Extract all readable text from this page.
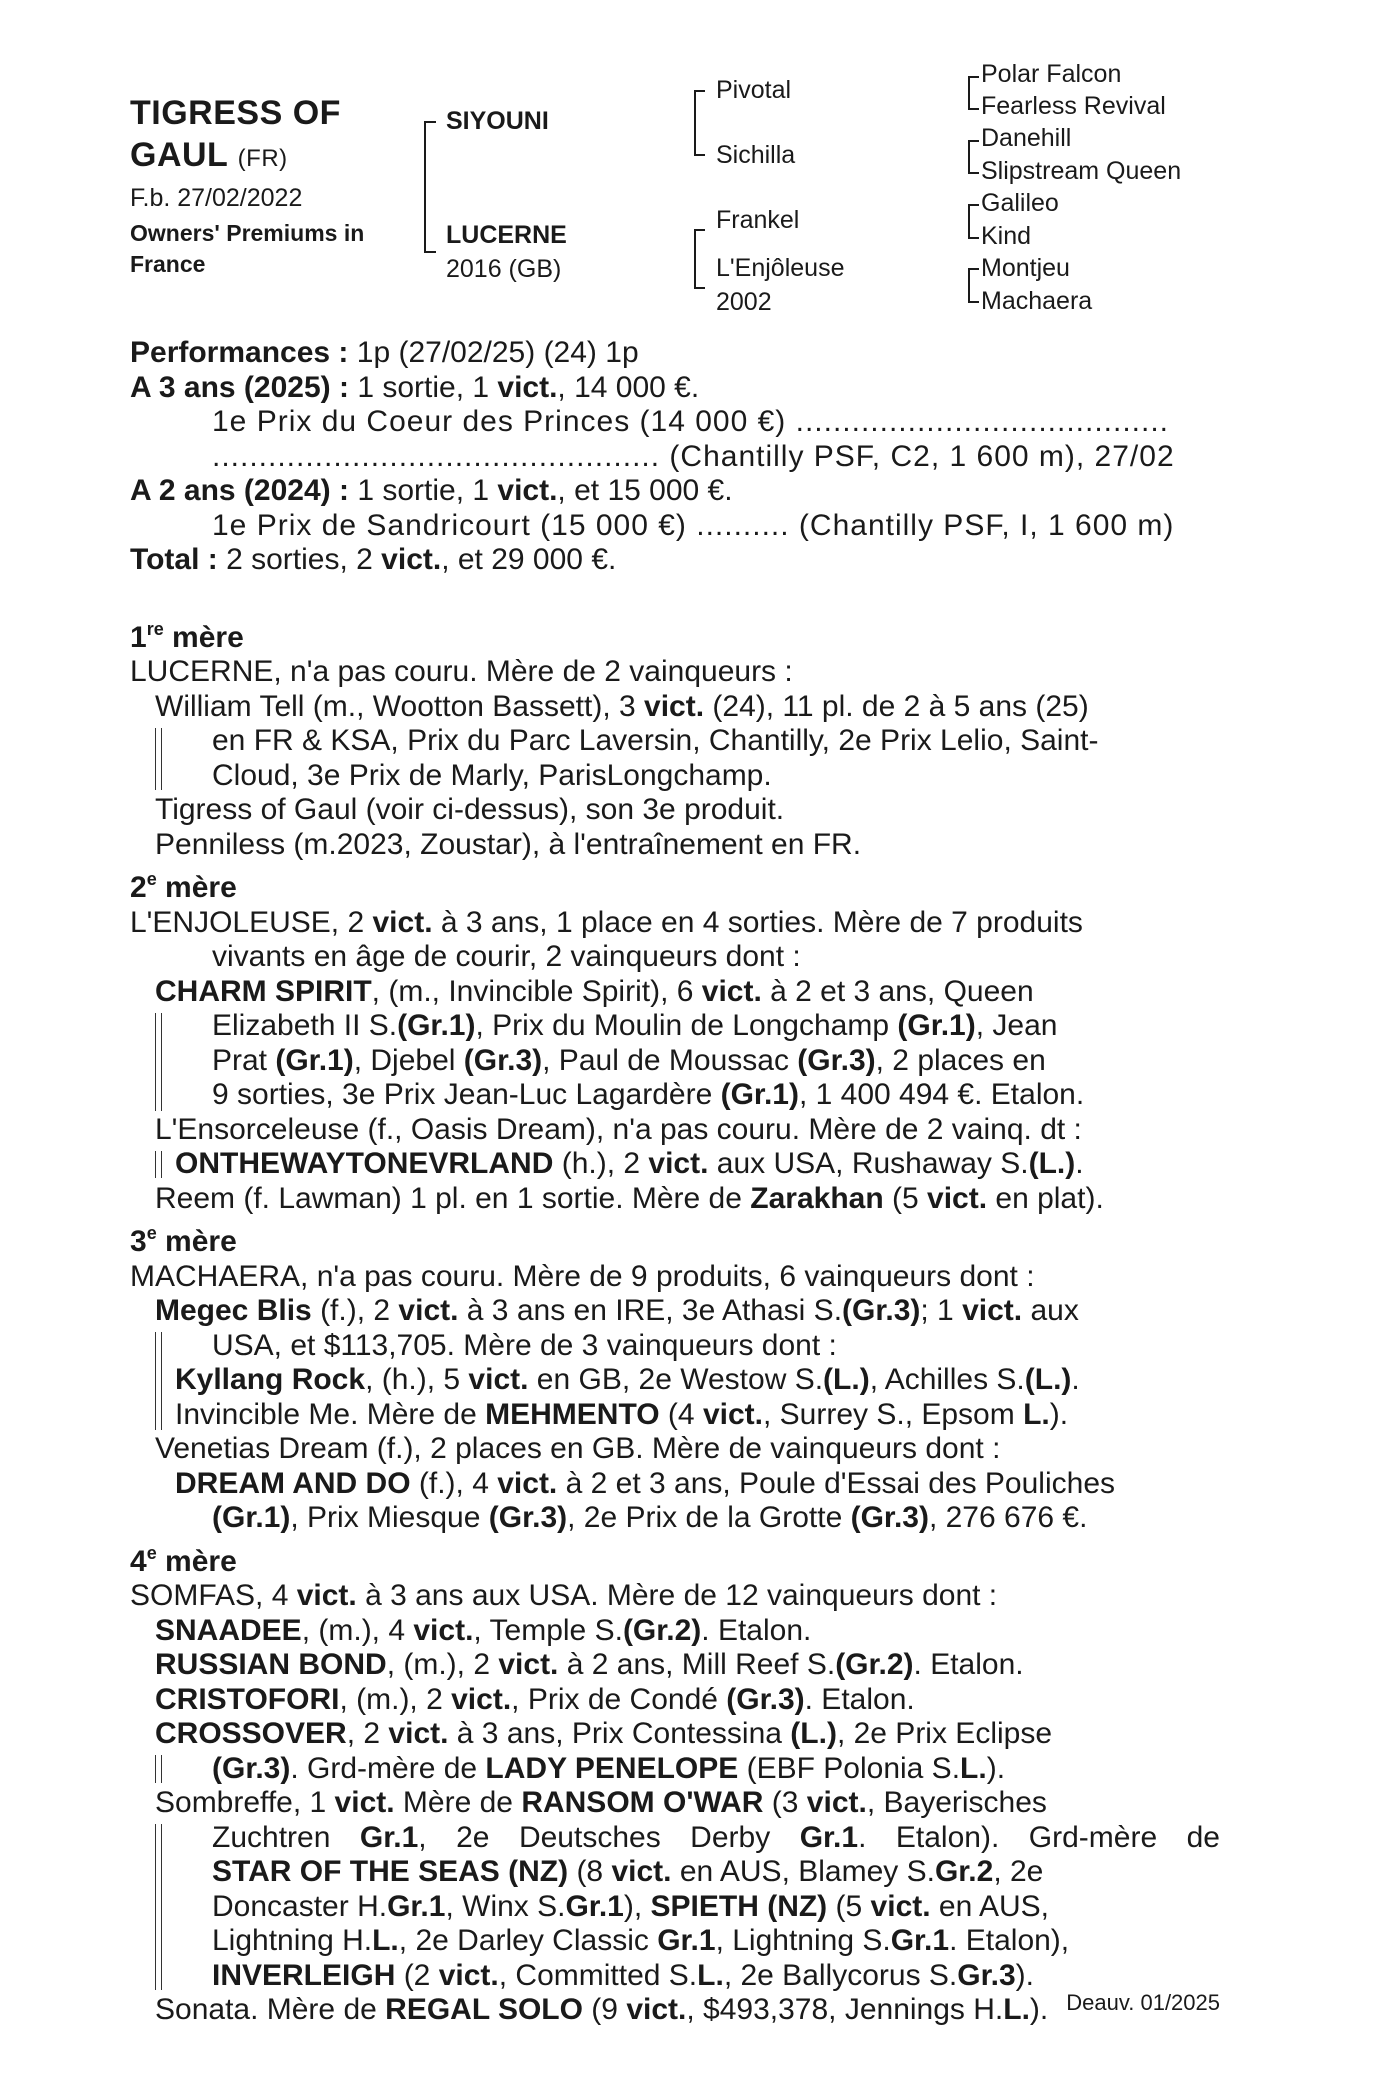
TIGRESS OF
GAUL (FR)
F.b. 27/02/2022
Owners' Premiums in
France
SIYOUNI
LUCERNE
2016 (GB)
Pivotal
Sichilla
Frankel
L'Enjôleuse
2002
Polar Falcon
Fearless Revival
Danehill
Slipstream Queen
Galileo
Kind
Montjeu
Machaera
Performances : 1p (27/02/25) (24) 1p
A 3 ans (2025) : 1 sortie, 1 vict., 14 000 €.
1e Prix du Coeur des Princes (14 000 €) ........................................
................................................ (Chantilly PSF, C2, 1 600 m), 27/02
A 2 ans (2024) : 1 sortie, 1 vict., et 15 000 €.
1e Prix de Sandricourt (15 000 €) .......... (Chantilly PSF, I, 1 600 m)
Total : 2 sorties, 2 vict., et 29 000 €.
1re mère
LUCERNE, n'a pas couru. Mère de 2 vainqueurs :
William Tell (m., Wootton Bassett), 3 vict. (24), 11 pl. de 2 à 5 ans (25)
en FR & KSA, Prix du Parc Laversin, Chantilly, 2e Prix Lelio, Saint-
Cloud, 3e Prix de Marly, ParisLongchamp.
Tigress of Gaul (voir ci-dessus), son 3e produit.
Penniless (m.2023, Zoustar), à l'entraînement en FR.
2e mère
L'ENJOLEUSE, 2 vict. à 3 ans, 1 place en 4 sorties. Mère de 7 produits
vivants en âge de courir, 2 vainqueurs dont :
CHARM SPIRIT, (m., Invincible Spirit), 6 vict. à 2 et 3 ans, Queen
Elizabeth II S.(Gr.1), Prix du Moulin de Longchamp (Gr.1), Jean
Prat (Gr.1), Djebel (Gr.3), Paul de Moussac (Gr.3), 2 places en
9 sorties, 3e Prix Jean-Luc Lagardère (Gr.1), 1 400 494 €. Etalon.
L'Ensorceleuse (f., Oasis Dream), n'a pas couru. Mère de 2 vainq. dt :
ONTHEWAYTONEVRLAND (h.), 2 vict. aux USA, Rushaway S.(L.).
Reem (f. Lawman) 1 pl. en 1 sortie. Mère de Zarakhan (5 vict. en plat).
3e mère
MACHAERA, n'a pas couru. Mère de 9 produits, 6 vainqueurs dont :
Megec Blis (f.), 2 vict. à 3 ans en IRE, 3e Athasi S.(Gr.3); 1 vict. aux
USA, et $113,705. Mère de 3 vainqueurs dont :
Kyllang Rock, (h.), 5 vict. en GB, 2e Westow S.(L.), Achilles S.(L.).
Invincible Me. Mère de MEHMENTO (4 vict., Surrey S., Epsom L.).
Venetias Dream (f.), 2 places en GB. Mère de vainqueurs dont :
DREAM AND DO (f.), 4 vict. à 2 et 3 ans, Poule d'Essai des Pouliches
(Gr.1), Prix Miesque (Gr.3), 2e Prix de la Grotte (Gr.3), 276 676 €.
4e mère
SOMFAS, 4 vict. à 3 ans aux USA. Mère de 12 vainqueurs dont :
SNAADEE, (m.), 4 vict., Temple S.(Gr.2). Etalon.
RUSSIAN BOND, (m.), 2 vict. à 2 ans, Mill Reef S.(Gr.2). Etalon.
CRISTOFORI, (m.), 2 vict., Prix de Condé (Gr.3). Etalon.
CROSSOVER, 2 vict. à 3 ans, Prix Contessina (L.), 2e Prix Eclipse
(Gr.3). Grd-mère de LADY PENELOPE (EBF Polonia S.L.).
Sombreffe, 1 vict. Mère de RANSOM O'WAR (3 vict., Bayerisches
Zuchtren Gr.1, 2e Deutsches Derby Gr.1. Etalon). Grd-mère de
STAR OF THE SEAS (NZ) (8 vict. en AUS, Blamey S.Gr.2, 2e
Doncaster H.Gr.1, Winx S.Gr.1), SPIETH (NZ) (5 vict. en AUS,
Lightning H.L., 2e Darley Classic Gr.1, Lightning S.Gr.1. Etalon),
INVERLEIGH (2 vict., Committed S.L., 2e Ballycorus S.Gr.3).
Sonata. Mère de REGAL SOLO (9 vict., $493,378, Jennings H.L.). Deauv. 01/2025
